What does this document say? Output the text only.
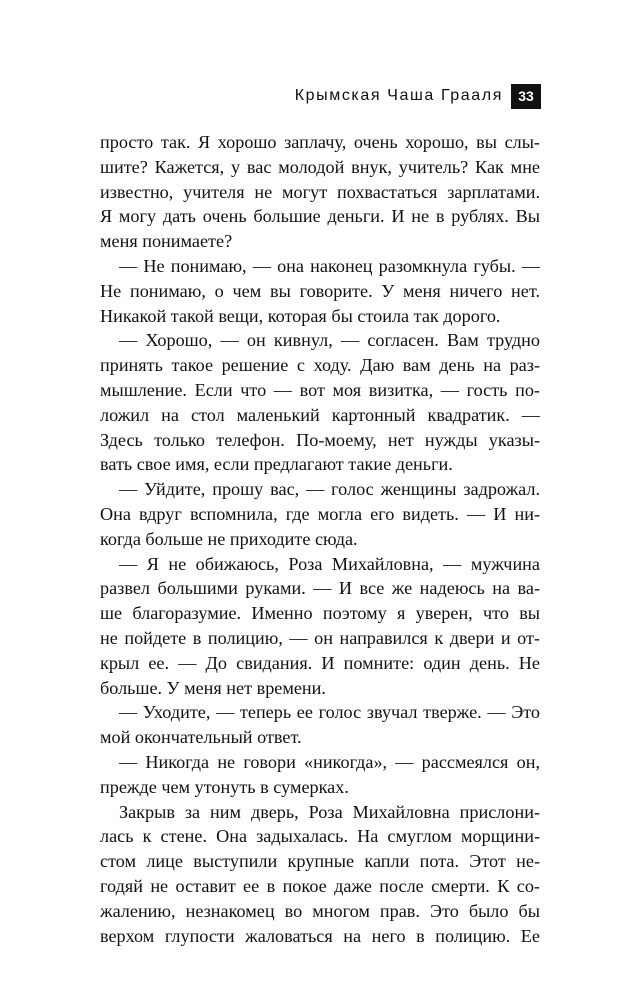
Крымская Чаша Грааля	33

просто так. Я хорошо заплачу, очень хорошо, вы слы-

шите? Кажется, у вас молодой внук, учитель? Как мне

известно, учителя не могут похвастаться зарплатами.

Я могу дать очень большие деньги. И не в рублях. Вы

меня понимаете?

— Не понимаю, — она наконец разомкнула губы. —

Не понимаю, о чем вы говорите. У меня ничего нет.

Никакой такой вещи, которая бы стоила так дорого.

— Хорошо, — он кивнул, — согласен. Вам трудно

принять такое решение с ходу. Даю вам день на раз-

мышление. Если что — вот моя визитка, — гость по-

ложил на стол маленький картонный квадратик. —

Здесь только телефон. По-моему, нет нужды указы-

вать свое имя, если предлагают такие деньги.

— Уйдите, прошу вас, — голос женщины задрожал.

Она вдруг вспомнила, где могла его видеть. — И ни-

когда больше не приходите сюда.

— Я не обижаюсь, Роза Михайловна, — мужчина

развел большими руками. — И все же надеюсь на ва-

ше благоразумие. Именно поэтому я уверен, что вы

не пойдете в полицию, — он направился к двери и от-

крыл ее. — До свидания. И помните: один день. Не

больше. У меня нет времени.

— Уходите, — теперь ее голос звучал тверже. — Это

мой окончательный ответ.

— Никогда не говори «никогда», — рассмеялся он,

прежде чем утонуть в сумерках.

Закрыв за ним дверь, Роза Михайловна прислони-

лась к стене. Она задыхалась. На смуглом морщини-

стом лице выступили крупные капли пота. Этот не-

годяй не оставит ее в покое даже после смерти. К со-

жалению, незнакомец во многом прав. Это было бы

верхом глупости жаловаться на него в полицию. Ее
